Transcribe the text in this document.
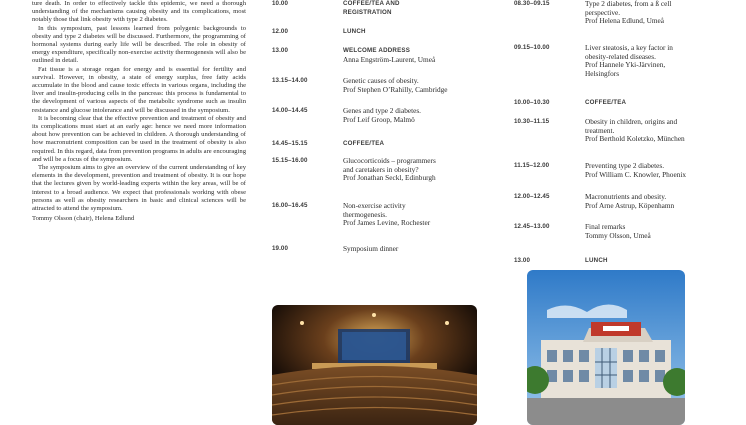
ture death. In order to effectively tackle this epidemic, we need a thorough understanding of the mechanisms causing obesity and its complications, most notably those that link obesity with type 2 diabetes.

In this symposium, past lessons learned from polygenic backgrounds to obesity and type 2 diabetes will be discussed. Furthermore, the programming of hormonal systems during early life will be described. The role in obesity of energy expenditure, specifically non-exercise activity thermogenesis will also be outlined in detail.

Fat tissue is a storage organ for energy and is essential for fertility and survival. However, in obesity, a state of energy surplus, free fatty acids accumulate in the blood and cause toxic effects in various organs, including the liver and insulin-producing cells in the pancreas: this process is fundamental to the development of various aspects of the metabolic syndrome such as insulin resistance and glucose intolerance and will be discussed in the symposium.

It is becoming clear that the effective prevention and treatment of obesity and its complications must start at an early age: hence we need more information about how prevention can be achieved in children. A thorough understanding of how macronutrient composition can be used in the treatment of obesity is also required. In this regard, data from prevention programs in adults are encouraging and will be a focus of the symposium.

The symposium aims to give an overview of the current understanding of key elements in the development, prevention and treatment of obesity. It is our hope that the lectures given by world-leading experts within the key areas, will be of interest to a broad audience. We expect that professionals working with obese persons as well as obesity researchers in basic and clinical sciences will be attracted to attend the symposium.

Tommy Olsson (chair), Helena Edlund

10.00	COFFEE/TEA AND
REGISTRATION
12.00	LUNCH
13.00	WELCOME ADDRESS
Anna Engström-Laurent, Umeå
13.15–14.00	Genetic causes of obesity.
Prof Stephen O’Rahilly, Cambridge
14.00–14.45	Genes and type 2 diabetes.
Prof Leif Groop, Malmö
14.45–15.15	COFFEE/TEA
15.15–16.00	Glucocorticoids – programmers
and caretakers in obesity?
Prof Jonathan Seckl, Edinburgh
16.00–16.45	Non-exercise activity
thermogenesis.
Prof James Levine, Rochester
19.00	Symposium dinner
08.30–09.15	Type 2 diabetes, from a ß cell
perspective.
Prof Helena Edlund, Umeå
09.15–10.00	Liver steatosis, a key factor in
obesity-related diseases.
Prof Hannele Yki-Järvinen,
Helsingfors
10.00–10.30	COFFEE/TEA
10.30–11.15	Obesity in children, origins and
treatment.
Prof Berthold Koletzko, München
11.15–12.00	Preventing type 2 diabetes.
Prof William C. Knowler, Phoenix
12.00–12.45	Macronutrients and obesity.
Prof Arne Astrup, Köpenhamn
12.45–13.00	Final remarks
Tommy Olsson, Umeå
13.00	LUNCH
